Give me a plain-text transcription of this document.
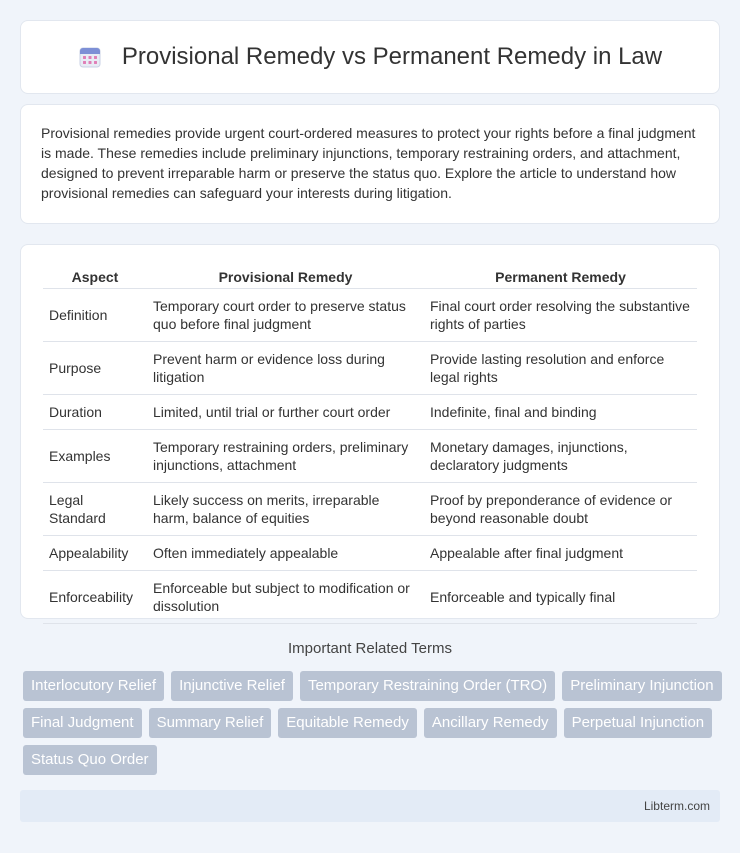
Provisional Remedy vs Permanent Remedy in Law

Provisional remedies provide urgent court-ordered measures to protect your rights before a final judgment is made. These remedies include preliminary injunctions, temporary restraining orders, and attachment, designed to prevent irreparable harm or preserve the status quo. Explore the article to understand how provisional remedies can safeguard your interests during litigation.

Aspect	Provisional Remedy	Permanent Remedy
Definition	Temporary court order to preserve status quo before final judgment	Final court order resolving the substantive rights of parties
Purpose	Prevent harm or evidence loss during litigation	Provide lasting resolution and enforce legal rights
Duration	Limited, until trial or further court order	Indefinite, final and binding
Examples	Temporary restraining orders, preliminary injunctions, attachment	Monetary damages, injunctions, declaratory judgments
Legal Standard	Likely success on merits, irreparable harm, balance of equities	Proof by preponderance of evidence or beyond reasonable doubt
Appealability	Often immediately appealable	Appealable after final judgment
Enforceability	Enforceable but subject to modification or dissolution	Enforceable and typically final
Important Related Terms
Interlocutory Relief	Injunctive Relief	Temporary Restraining Order (TRO)	Preliminary Injunction
Final Judgment	Summary Relief	Equitable Remedy	Ancillary Remedy	Perpetual Injunction
Status Quo Order
Libterm.com
